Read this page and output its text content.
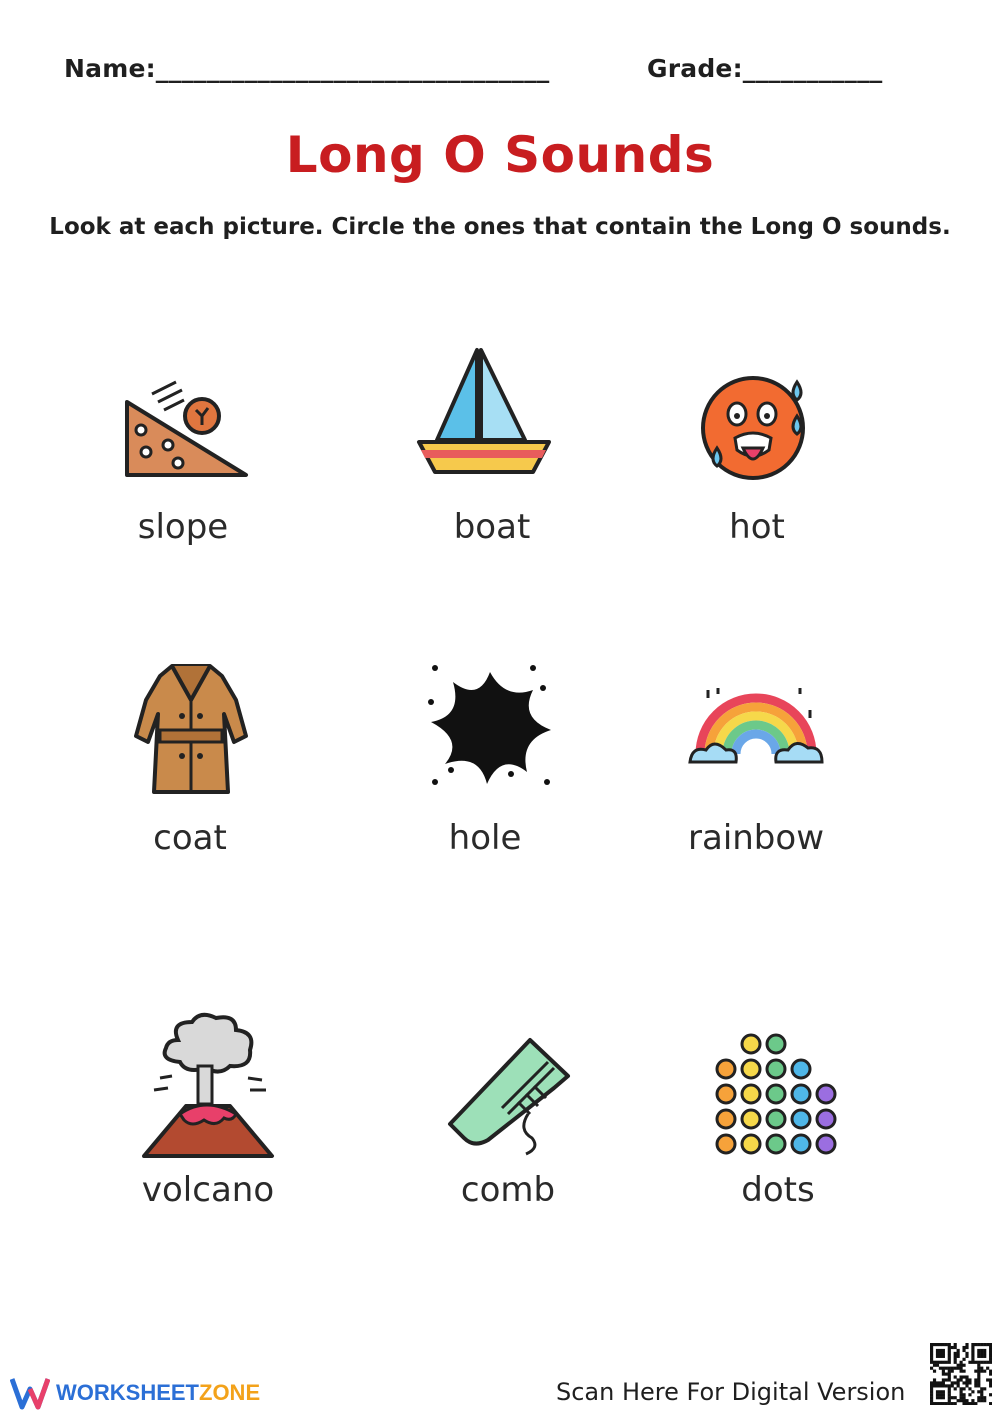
Name:_______________________________	Grade:___________
Long O Sounds
Look at each picture. Circle the ones that contain the Long O sounds.
slope	boat	hot
coat	hole	rainbow
volcano	comb	dots
WORKSHEETZONE	Scan Here For Digital Version
